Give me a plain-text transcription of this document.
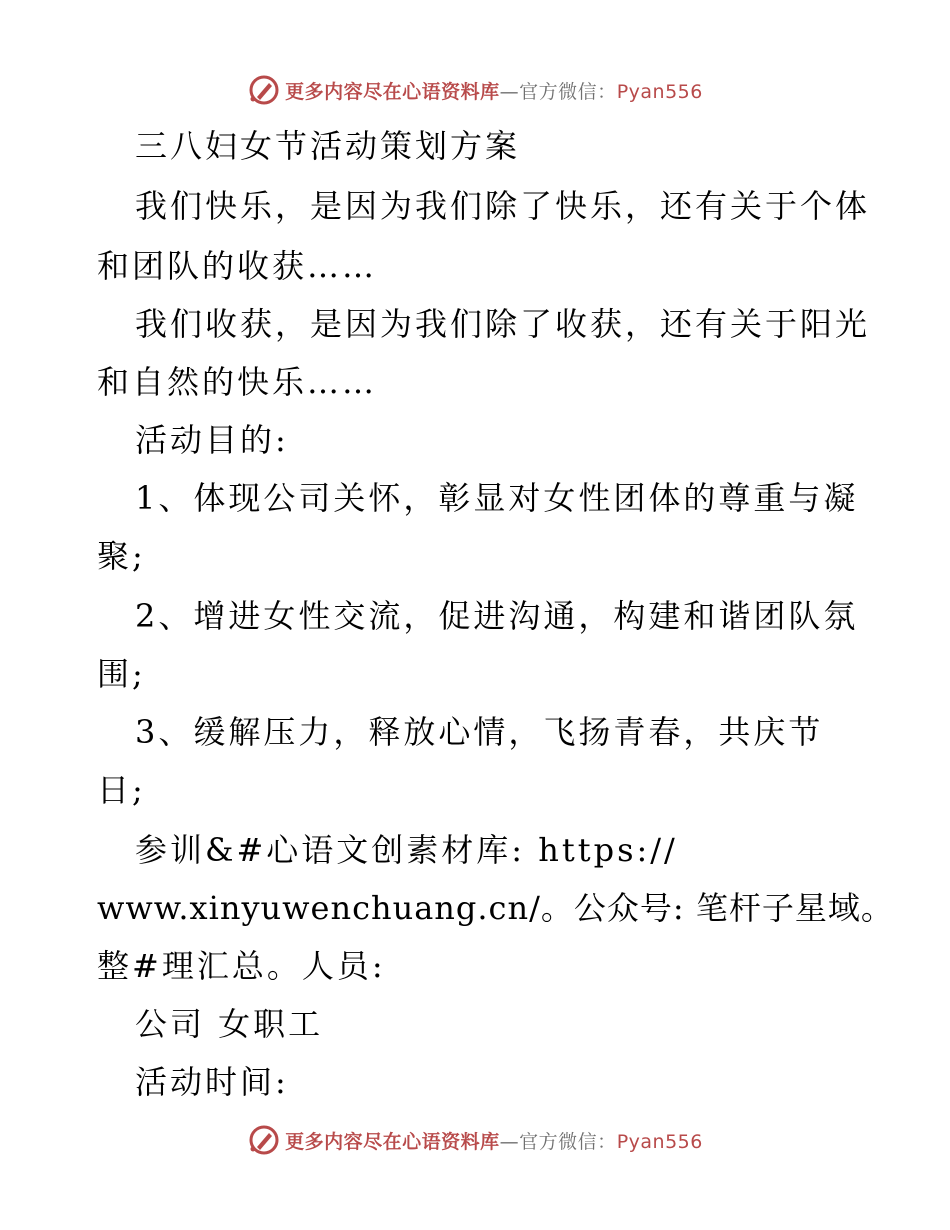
更多内容尽在心语资料库—官方微信：Pyan556
三八妇女节活动策划方案
我们快乐，是因为我们除了快乐，还有关于个体
和团队的收获……
我们收获，是因为我们除了收获，还有关于阳光
和自然的快乐……
活动目的:
1、体现公司关怀，彰显对女性团体的尊重与凝
聚;
2、增进女性交流，促进沟通，构建和谐团队氛
围;
3、缓解压力，释放心情，飞扬青春，共庆节
日;
参训&#心语文创素材库: https://
www.xinyuwenchuang.cn/。公众号: 笔杆子星域。
整#理汇总。人员:
公司 女职工
活动时间:
更多内容尽在心语资料库—官方微信：Pyan556
